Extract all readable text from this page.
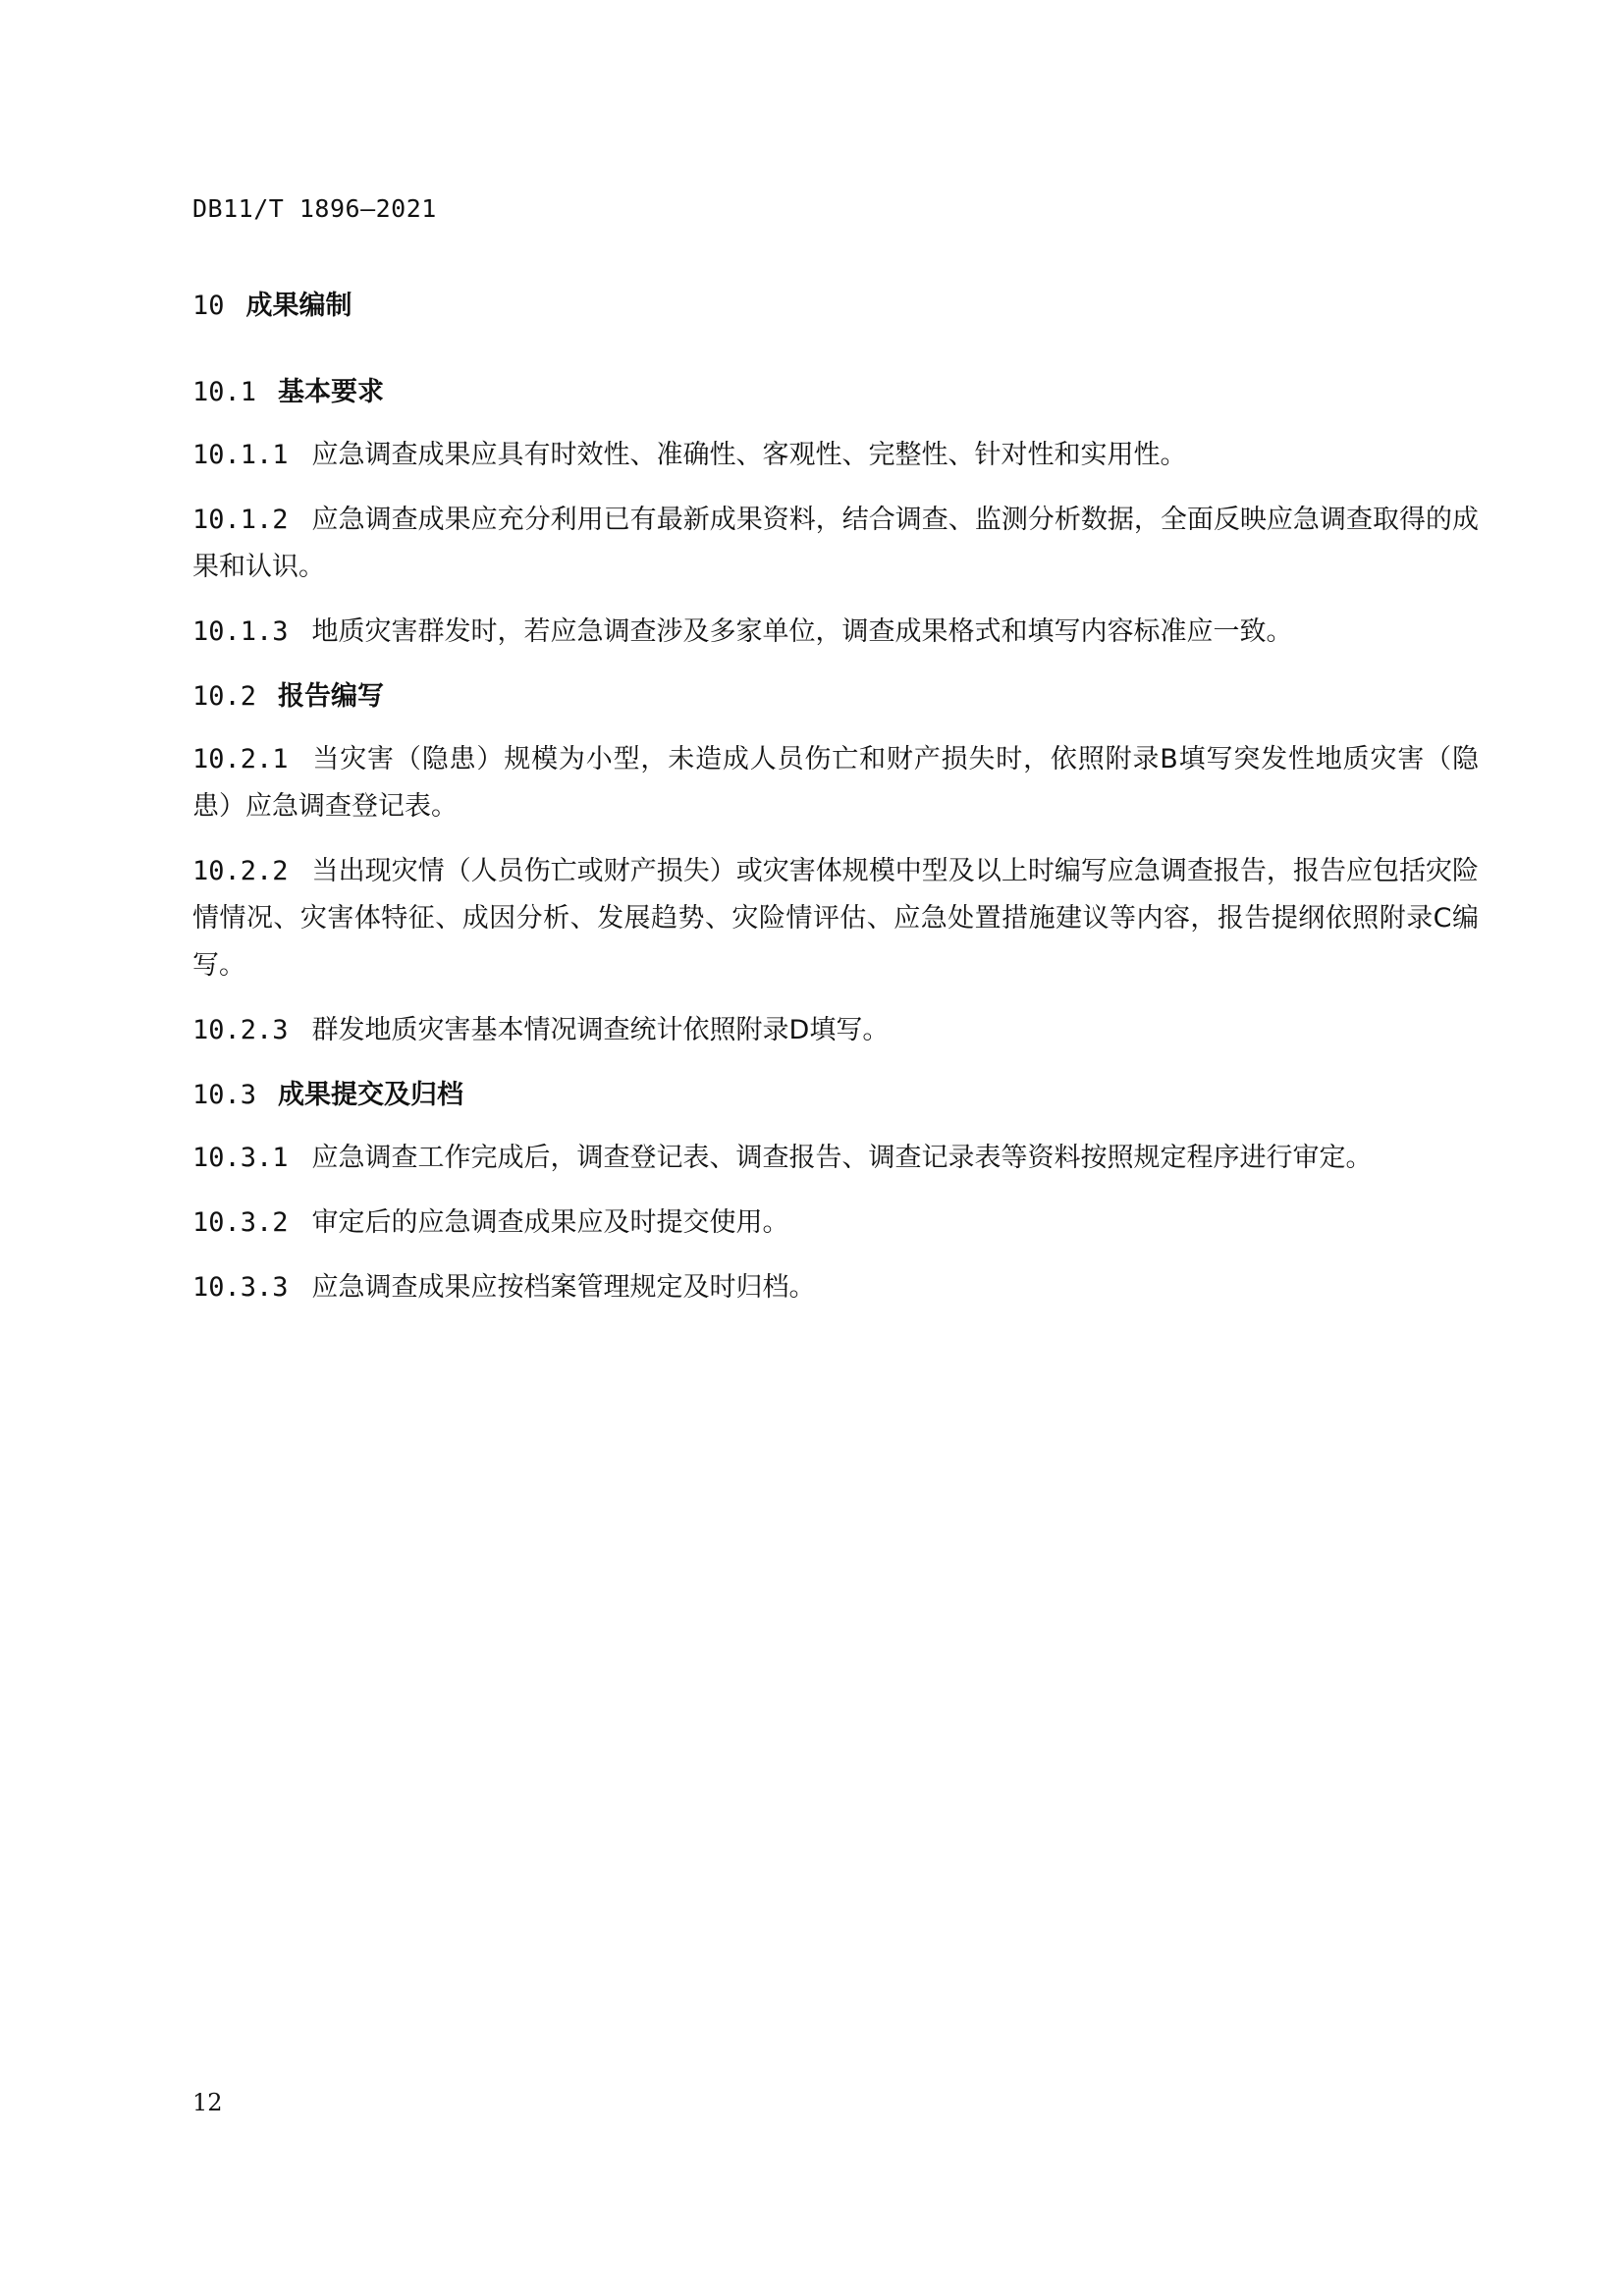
DB11/T 1896—2021
10 成果编制
10.1 基本要求

10.1.1 应急调查成果应具有时效性、准确性、客观性、完整性、针对性和实用性。

10.1.2 应急调查成果应充分利用已有最新成果资料，结合调查、监测分析数据，全面反映应急调查取得的成果和认识。

10.1.3 地质灾害群发时，若应急调查涉及多家单位，调查成果格式和填写内容标准应一致。

10.2 报告编写

10.2.1 当灾害（隐患）规模为小型，未造成人员伤亡和财产损失时，依照附录B填写突发性地质灾害（隐患）应急调查登记表。

10.2.2 当出现灾情（人员伤亡或财产损失）或灾害体规模中型及以上时编写应急调查报告，报告应包括灾险情情况、灾害体特征、成因分析、发展趋势、灾险情评估、应急处置措施建议等内容，报告提纲依照附录C编写。

10.2.3 群发地质灾害基本情况调查统计依照附录D填写。

10.3 成果提交及归档

10.3.1 应急调查工作完成后，调查登记表、调查报告、调查记录表等资料按照规定程序进行审定。

10.3.2 审定后的应急调查成果应及时提交使用。

10.3.3 应急调查成果应按档案管理规定及时归档。

12
